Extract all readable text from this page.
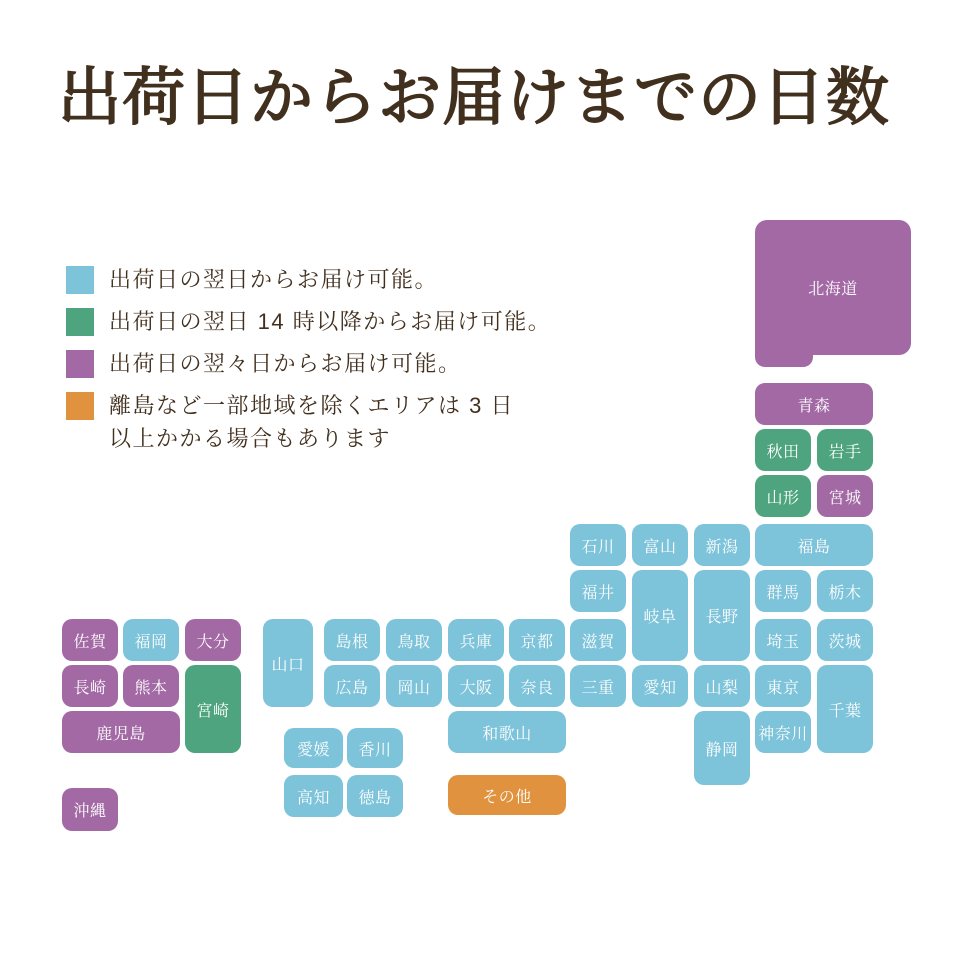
出荷日からお届けまでの日数
出荷日の翌日からお届け可能。
出荷日の翌日 14 時以降からお届け可能。
出荷日の翌々日からお届け可能。
離島など一部地域を除くエリアは 3 日
以上かかる場合もあります
北海道
青森
秋田 岩手
山形 宮城
石川 富山 新潟	福島
福井
岐阜 長野
群馬 栃木
佐賀 福岡 大分
山口
島根 鳥取 兵庫 京都 滋賀	埼玉 茨城
長崎 熊本
宮崎
広島 岡山 大阪 奈良 三重 愛知 山梨 東京
千葉
鹿児島	和歌山
静岡
神奈川
愛媛 香川
高知 徳島	その他
沖縄
